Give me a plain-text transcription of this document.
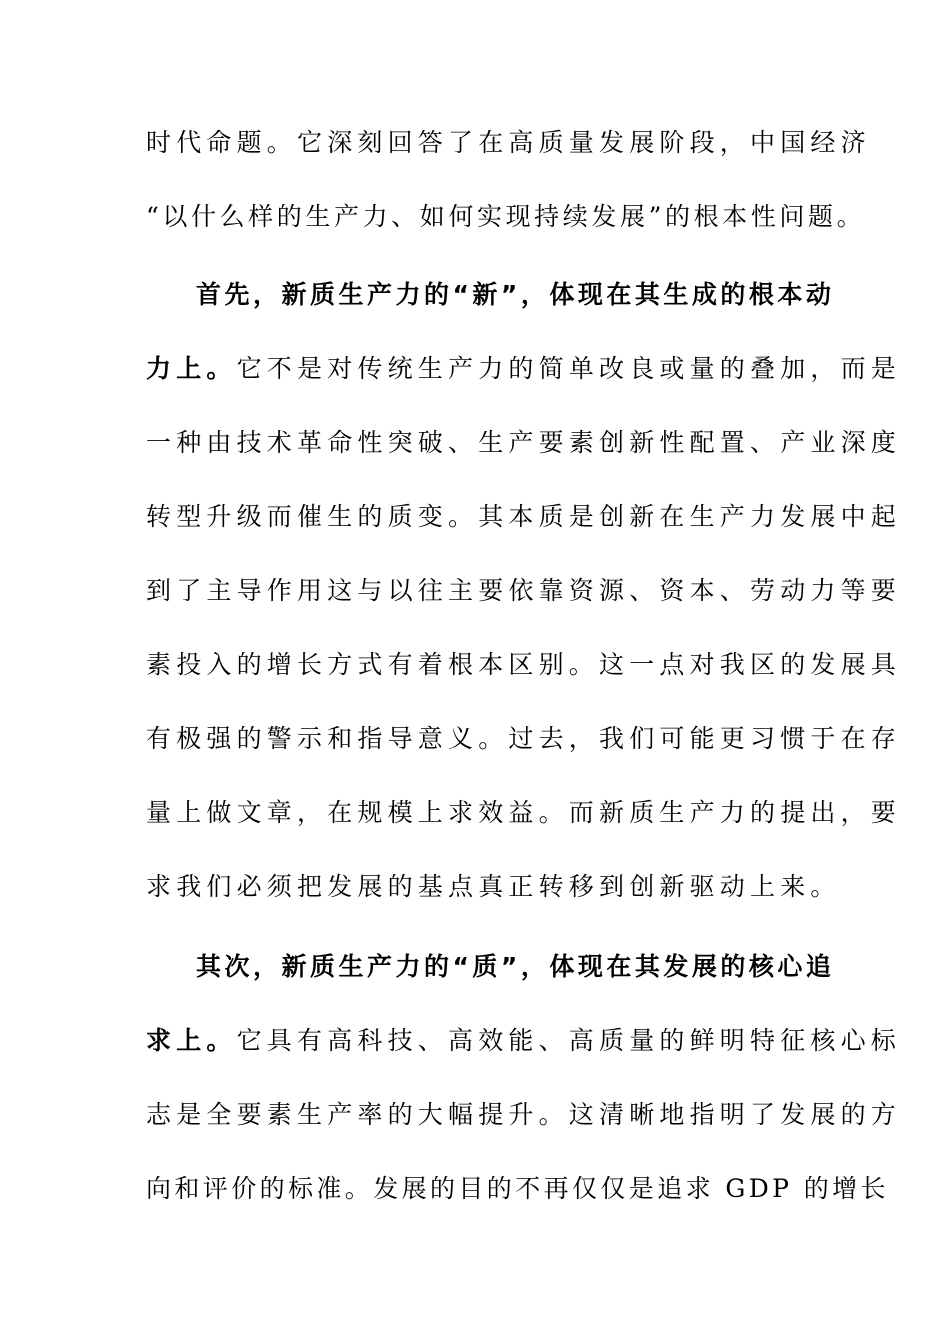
时代命题。它深刻回答了在高质量发展阶段，中国经济
“以什么样的生产力、如何实现持续发展”的根本性问题。
首先，新质生产力的“新”，体现在其生成的根本动
力上。它不是对传统生产力的简单改良或量的叠加，而是
一种由技术革命性突破、生产要素创新性配置、产业深度
转型升级而催生的质变。其本质是创新在生产力发展中起
到了主导作用这与以往主要依靠资源、资本、劳动力等要
素投入的增长方式有着根本区别。这一点对我区的发展具
有极强的警示和指导意义。过去，我们可能更习惯于在存
量上做文章，在规模上求效益。而新质生产力的提出，要
求我们必须把发展的基点真正转移到创新驱动上来。
其次，新质生产力的“质”，体现在其发展的核心追
求上。它具有高科技、高效能、高质量的鲜明特征核心标
志是全要素生产率的大幅提升。这清晰地指明了发展的方
向和评价的标准。发展的目的不再仅仅是追求 GDP 的增长
